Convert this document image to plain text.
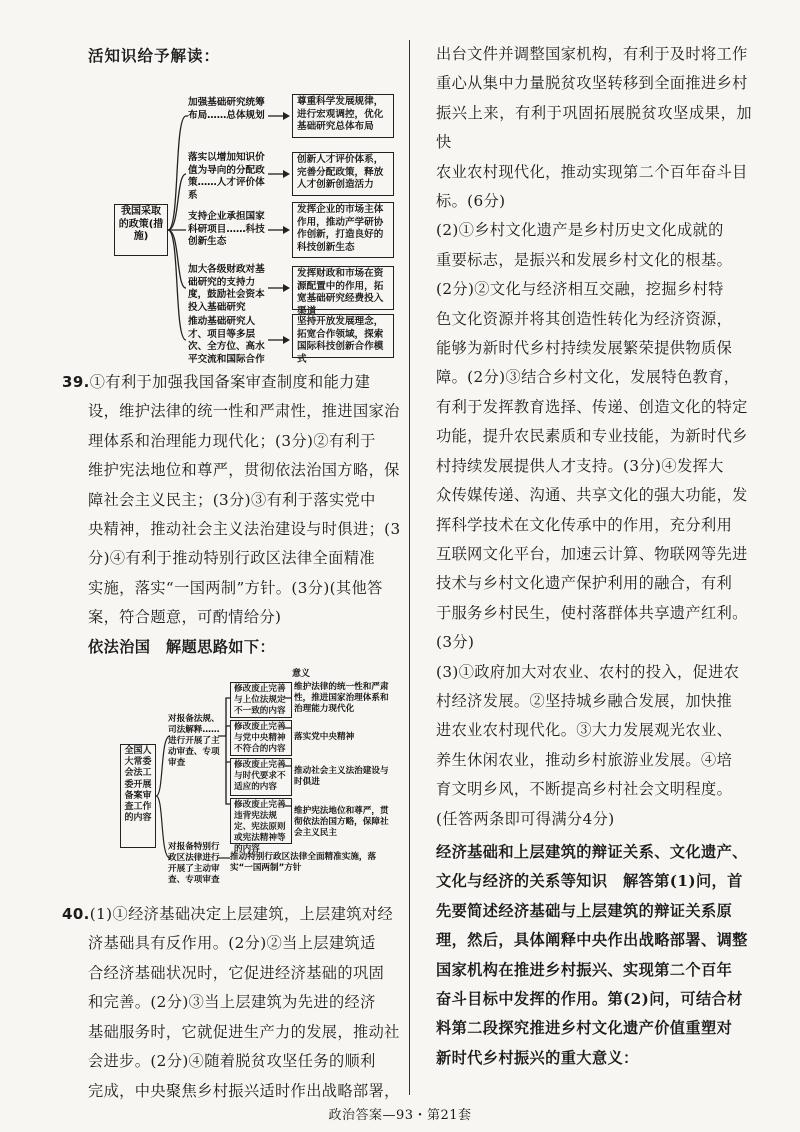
活知识给予解读：

我国采取的政策(措施)
加强基础研究统筹布局……总体规划
尊重科学发展规律，进行宏观调控，优化基础研究总体布局
落实以增加知识价值为导向的分配政策……人才评价体系
创新人才评价体系，完善分配政策，释放人才创新创造活力
支持企业承担国家科研项目……科技创新生态
发挥企业的市场主体作用，推动产学研协作创新，打造良好的科技创新生态
加大各级财政对基础研究的支持力度，鼓励社会资本投入基础研究
发挥财政和市场在资源配置中的作用，拓宽基础研究经费投入渠道
推动基础研究人才、项目等多层次、全方位、高水平交流和国际合作
坚持开放发展理念，拓宽合作领域，探索国际科技创新合作模式

39.①有利于加强我国备案审查制度和能力建

设，维护法律的统一性和严肃性，推进国家治

理体系和治理能力现代化；(3分)②有利于

维护宪法地位和尊严，贯彻依法治国方略，保

障社会主义民主；(3分)③有利于落实党中

央精神，推动社会主义法治建设与时俱进；(3

分)④有利于推动特别行政区法律全面精准

实施，落实“一国两制”方针。(3分)(其他答

案，符合题意，可酌情给分)

依法治国　解题思路如下：

意义
全国人大常委会法工委开展备案审查工作的内容
对报备法规、司法解释……进行开展了主动审查、专项审查
对报备特别行政区法律进行开展了主动审查、专项审查
修改废止完善与上位法规定不一致的内容
维护法律的统一性和严肃性，推进国家治理体系和治理能力现代化
修改废止完善与党中央精神不符合的内容
落实党中央精神
修改废止完善与时代要求不适应的内容
推动社会主义法治建设与时俱进
修改废止完善违背宪法规定、宪法原则或宪法精神等的内容
维护宪法地位和尊严，贯彻依法治国方略，保障社会主义民主
推动特别行政区法律全面精准实施，落实“一国两制”方针

40.(1)①经济基础决定上层建筑，上层建筑对经

济基础具有反作用。(2分)②当上层建筑适

合经济基础状况时，它促进经济基础的巩固

和完善。(2分)③当上层建筑为先进的经济

基础服务时，它就促进生产力的发展，推动社

会进步。(2分)④随着脱贫攻坚任务的顺利

完成，中央聚焦乡村振兴适时作出战略部署，

出台文件并调整国家机构，有利于及时将工作

重心从集中力量脱贫攻坚转移到全面推进乡村

振兴上来，有利于巩固拓展脱贫攻坚成果，加快

农业农村现代化，推动实现第二个百年奋斗目

标。(6分)

(2)①乡村文化遗产是乡村历史文化成就的

重要标志，是振兴和发展乡村文化的根基。

(2分)②文化与经济相互交融，挖掘乡村特

色文化资源并将其创造性转化为经济资源，

能够为新时代乡村持续发展繁荣提供物质保

障。(2分)③结合乡村文化，发展特色教育，

有利于发挥教育选择、传递、创造文化的特定

功能，提升农民素质和专业技能，为新时代乡

村持续发展提供人才支持。(3分)④发挥大

众传媒传递、沟通、共享文化的强大功能，发

挥科学技术在文化传承中的作用，充分利用

互联网文化平台，加速云计算、物联网等先进

技术与乡村文化遗产保护利用的融合，有利

于服务乡村民生，使村落群体共享遗产红利。

(3分)

(3)①政府加大对农业、农村的投入，促进农

村经济发展。②坚持城乡融合发展，加快推

进农业农村现代化。③大力发展观光农业、

养生休闲农业，推动乡村旅游业发展。④培

育文明乡风，不断提高乡村社会文明程度。

(任答两条即可得满分4分)

经济基础和上层建筑的辩证关系、文化遗产、

文化与经济的关系等知识　解答第(1)问，首

先要简述经济基础与上层建筑的辩证关系原

理，然后，具体阐释中央作出战略部署、调整

国家机构在推进乡村振兴、实现第二个百年

奋斗目标中发挥的作用。第(2)问，可结合材

料第二段探究推进乡村文化遗产价值重塑对

新时代乡村振兴的重大意义：

政治答案—93・第21套
